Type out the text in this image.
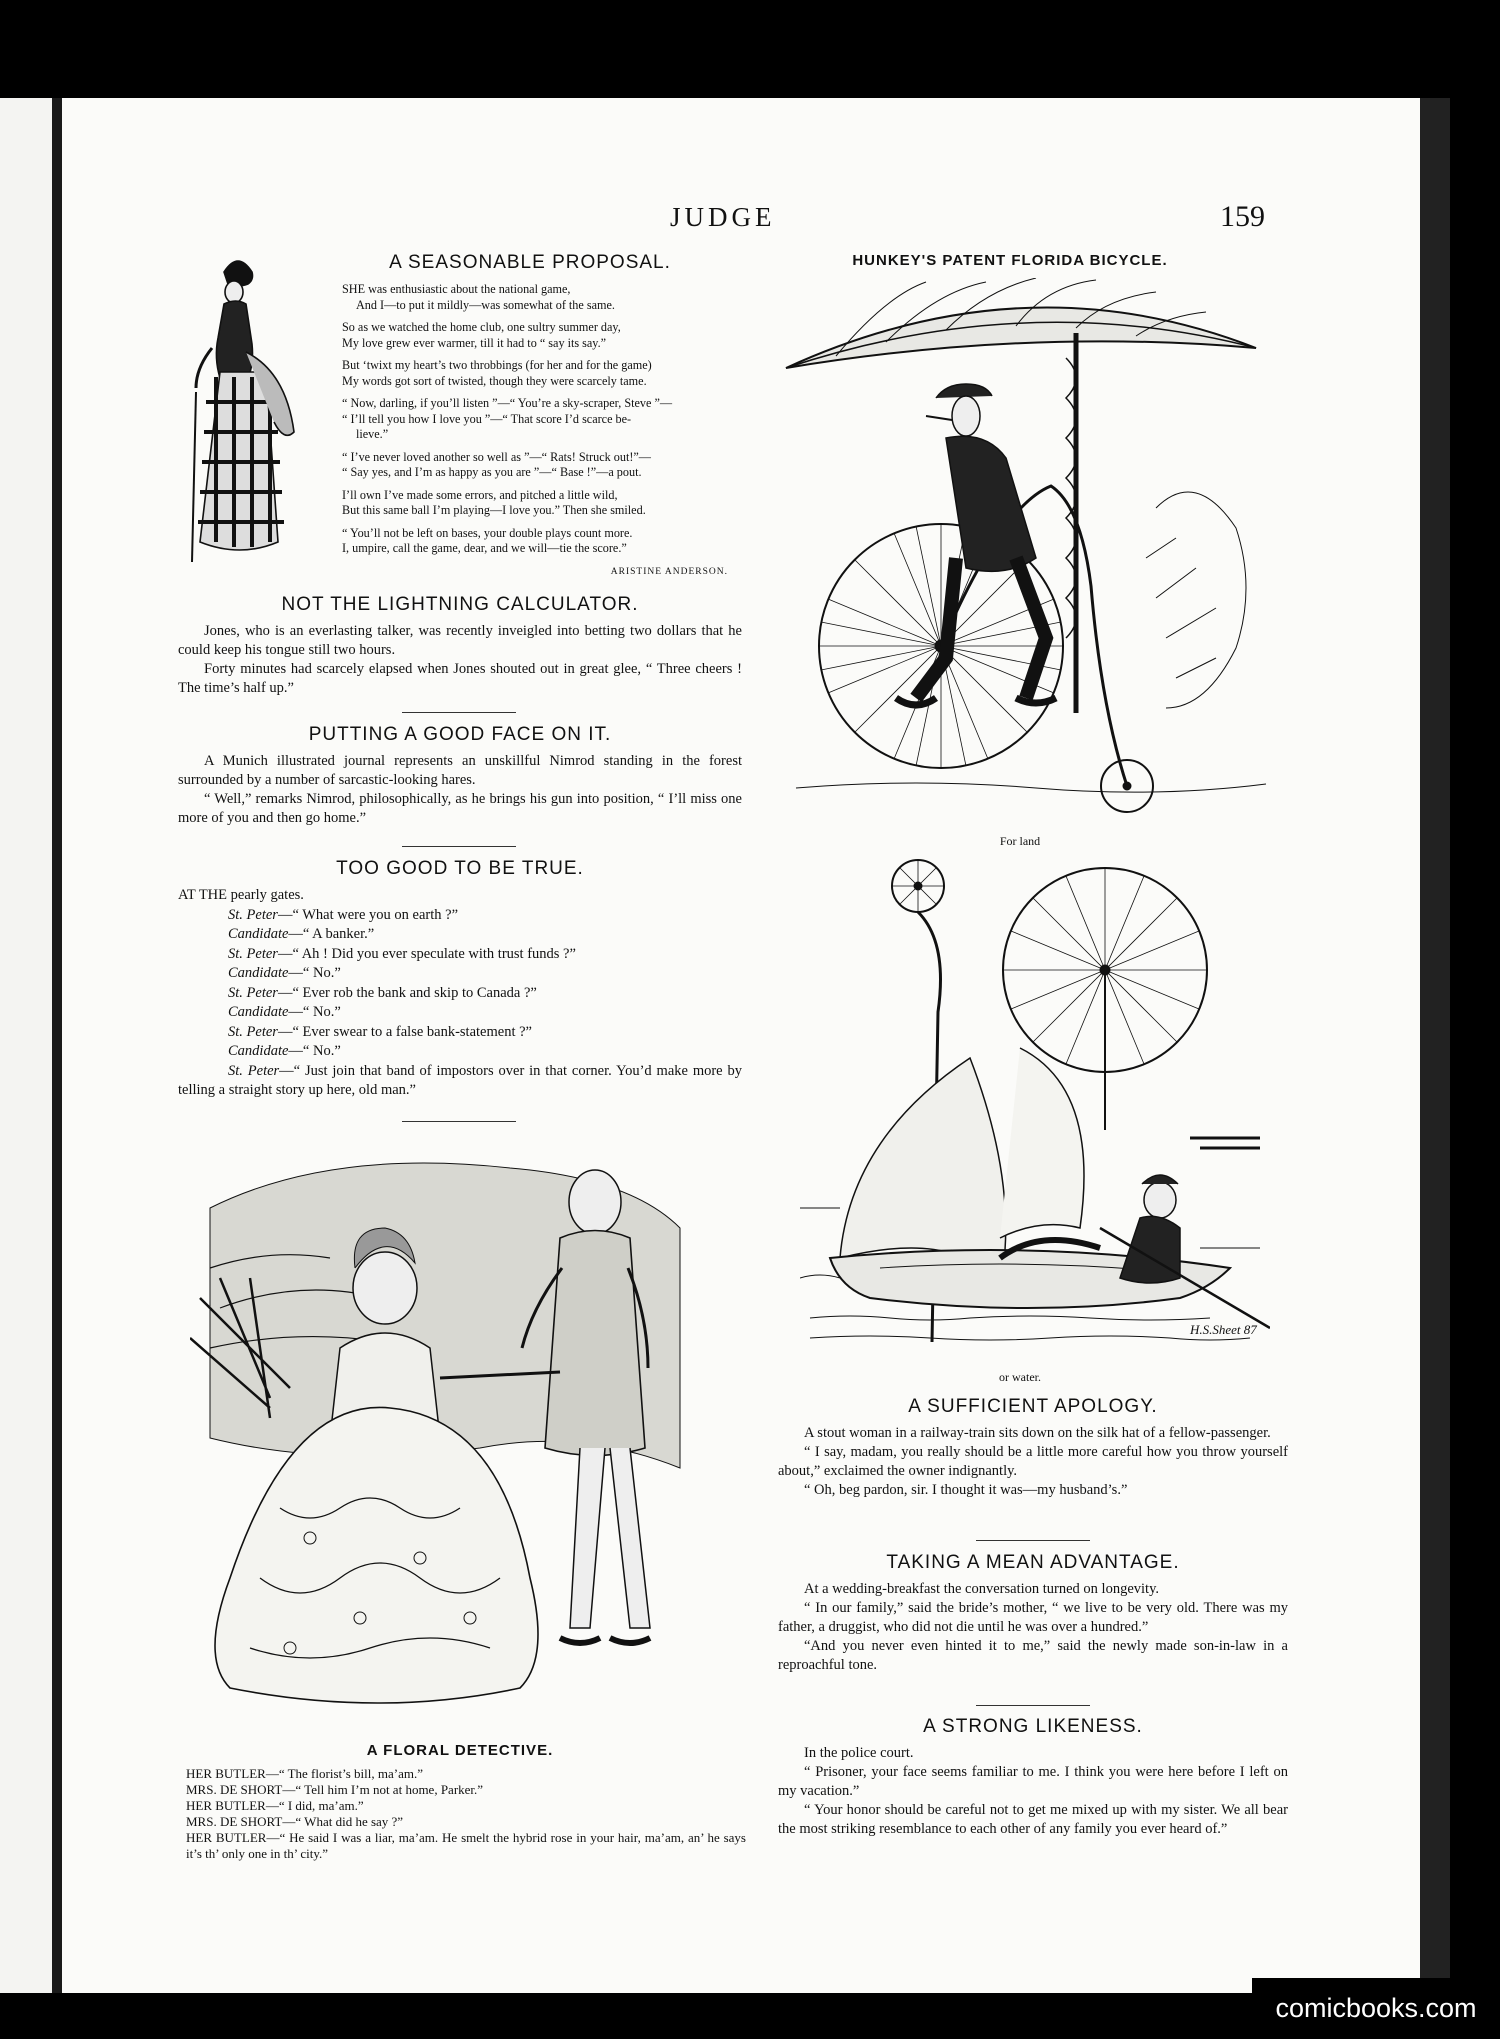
JUDGE	159
A SEASONABLE PROPOSAL.

SHE was enthusiastic about the national game,
And I—to put it mildly—was somewhat of the same.

So as we watched the home club, one sultry summer day,
My love grew ever warmer, till it had to “ say its say.”

But ‘twixt my heart’s two throbbings (for her and for the game)
My words got sort of twisted, though they were scarcely tame.

“ Now, darling, if you’ll listen ”—“ You’re a sky-scraper, Steve ”—
“ I’ll tell you how I love you ”—“ That score I’d scarce be-
lieve.”

“ I’ve never loved another so well as ”—“ Rats! Struck out!”—
“ Say yes, and I’m as happy as you are ”—“ Base !”—a pout.

I’ll own I’ve made some errors, and pitched a little wild,
But this same ball I’m playing—I love you.” Then she smiled.

“ You’ll not be left on bases, your double plays count more.
I, umpire, call the game, dear, and we will—tie the score.”

ARISTINE ANDERSON.
NOT THE LIGHTNING CALCULATOR.

Jones, who is an everlasting talker, was recently inveigled into betting two dollars that he could keep his tongue still two hours.

Forty minutes had scarcely elapsed when Jones shouted out in great glee, “ Three cheers ! The time’s half up.”

PUTTING A GOOD FACE ON IT.

A Munich illustrated journal represents an unskillful Nimrod standing in the forest surrounded by a number of sarcastic-looking hares.

“ Well,” remarks Nimrod, philosophically, as he brings his gun into position, “ I’ll miss one more of you and then go home.”

TOO GOOD TO BE TRUE.
AT THE pearly gates.
St. Peter—“ What were you on earth ?”
Candidate—“ A banker.”
St. Peter—“ Ah ! Did you ever speculate with trust funds ?”
Candidate—“ No.”
St. Peter—“ Ever rob the bank and skip to Canada ?”
Candidate—“ No.”
St. Peter—“ Ever swear to a false bank-statement ?”
Candidate—“ No.”
St. Peter—“ Just join that band of impostors over in that corner. You’d make more by telling a straight story up here, old man.”
A FLORAL DETECTIVE.
HER BUTLER—“ The florist’s bill, ma’am.”
MRS. DE SHORT—“ Tell him I’m not at home, Parker.”
HER BUTLER—“ I did, ma’am.”
MRS. DE SHORT—“ What did he say ?”
HER BUTLER—“ He said I was a liar, ma’am. He smelt the hybrid rose in your hair, ma’am, an’ he says it’s th’ only one in th’ city.”
HUNKEY'S PATENT FLORIDA BICYCLE.
For land
H.S.Sheet 87
or water.
A SUFFICIENT APOLOGY.

A stout woman in a railway-train sits down on the silk hat of a fellow-passenger.

“ I say, madam, you really should be a little more careful how you throw yourself about,” exclaimed the owner indignantly.

“ Oh, beg pardon, sir. I thought it was—my husband’s.”

TAKING A MEAN ADVANTAGE.

At a wedding-breakfast the conversation turned on longevity.

“ In our family,” said the bride’s mother, “ we live to be very old. There was my father, a druggist, who did not die until he was over a hundred.”

“And you never even hinted it to me,” said the newly made son-in-law in a reproachful tone.

A STRONG LIKENESS.

In the police court.

“ Prisoner, your face seems familiar to me. I think you were here before I left on my vacation.”

“ Your honor should be careful not to get me mixed up with my sister. We all bear the most striking resemblance to each other of any family you ever heard of.”

comicbooks.com
